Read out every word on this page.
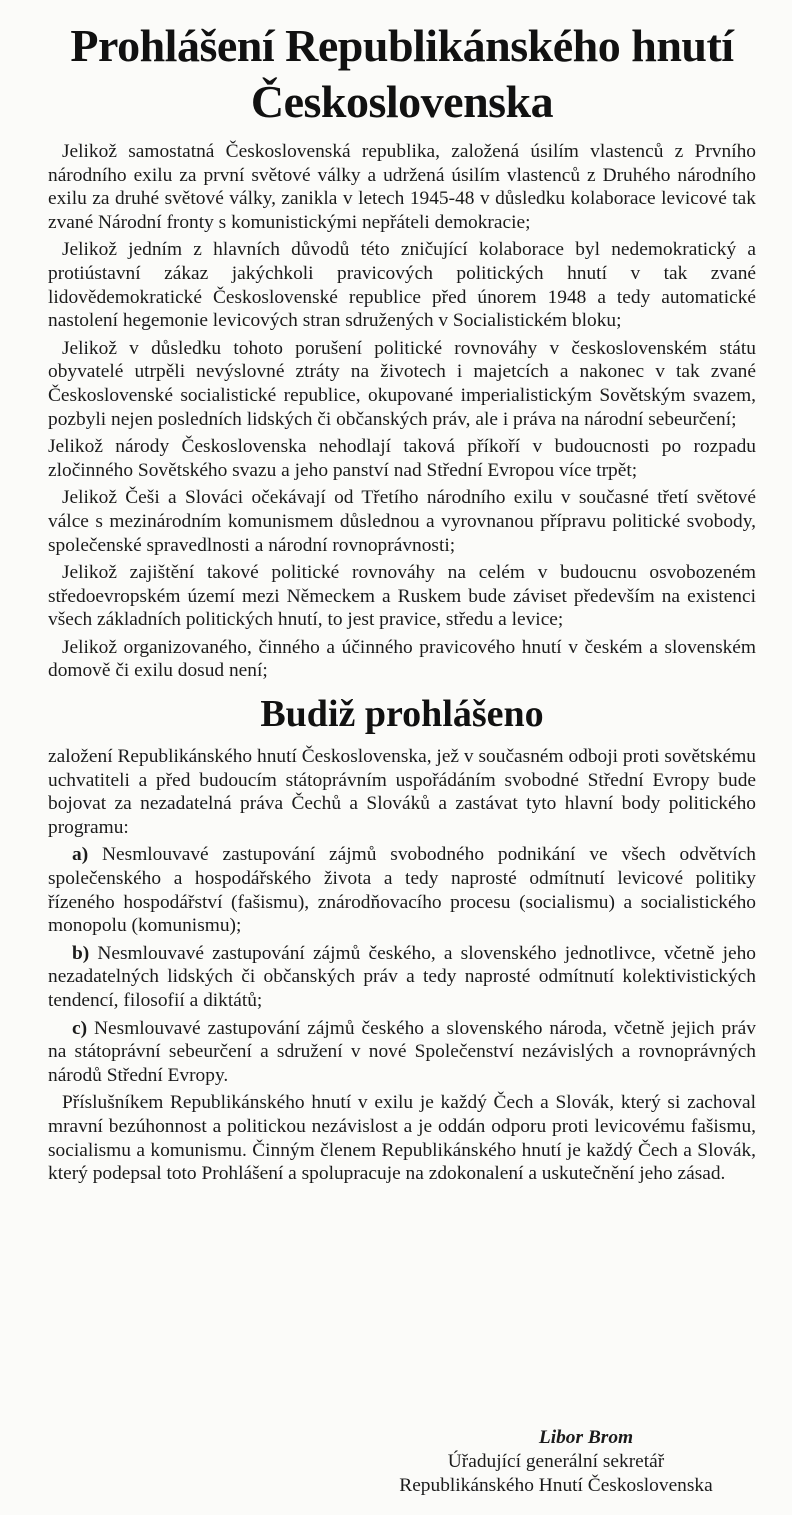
Prohlášení Republikánského hnutí
Československa

Jelikož samostatná Československá republika, založená úsilím vlastenců z Prvního národního exilu za první světové války a udržená úsilím vlastenců z Druhého národního exilu za druhé světové války, zanikla v letech 1945-48 v důsledku kolaborace levicové tak zvané Národní fronty s komunistickými nepřáteli demokracie;

Jelikož jedním z hlavních důvodů této zničující kolaborace byl nedemokratický a protiústavní zákaz jakýchkoli pravicových politických hnutí v tak zvané lidovědemokratické Československé republice před únorem 1948 a tedy automatické nastolení hegemonie levicových stran sdružených v Socialistickém bloku;

Jelikož v důsledku tohoto porušení politické rovnováhy v československém státu obyvatelé utrpěli nevýslovné ztráty na životech i majetcích a nakonec v tak zvané Československé socialistické republice, okupované imperialistickým Sovětským svazem, pozbyli nejen posledních lidských či občanských práv, ale i práva na národní sebeurčení;

Jelikož národy Československa nehodlají taková příkoří v budoucnosti po rozpadu zločinného Sovětského svazu a jeho panství nad Střední Evropou více trpět;

Jelikož Češi a Slováci očekávají od Třetího národního exilu v současné třetí světové válce s mezinárodním komunismem důslednou a vyrovnanou přípravu politické svobody, společenské spravedlnosti a národní rovnoprávnosti;

Jelikož zajištění takové politické rovnováhy na celém v budoucnu osvobozeném středoevropském území mezi Německem a Ruskem bude záviset především na existenci všech základních politických hnutí, to jest pravice, středu a levice;

Jelikož organizovaného, činného a účinného pravicového hnutí v českém a slovenském domově či exilu dosud není;

Budiž prohlášeno

založení Republikánského hnutí Československa, jež v současném odboji proti sovětskému uchvatiteli a před budoucím státoprávním uspořádáním svobodné Střední Evropy bude bojovat za nezadatelná práva Čechů a Slováků a zastávat tyto hlavní body politického programu:

a) Nesmlouvavé zastupování zájmů svobodného podnikání ve všech odvětvích společenského a hospodářského života a tedy naprosté odmítnutí levicové politiky řízeného hospodářství (fašismu), znárodňovacího procesu (socialismu) a socialistického monopolu (komunismu);

b) Nesmlouvavé zastupování zájmů českého, a slovenského jednotlivce, včetně jeho nezadatelných lidských či občanských práv a tedy naprosté odmítnutí kolektivistických tendencí, filosofií a diktátů;

c) Nesmlouvavé zastupování zájmů českého a slovenského národa, včetně jejich práv na státoprávní sebeurčení a sdružení v nové Společenství nezávislých a rovnoprávných národů Střední Evropy.

Příslušníkem Republikánského hnutí v exilu je každý Čech a Slovák, který si zachoval mravní bezúhonnost a politickou nezávislost a je oddán odporu proti levicovému fašismu, socialismu a komunismu. Činným členem Republikánského hnutí je každý Čech a Slovák, který podepsal toto Prohlášení a spolupracuje na zdokonalení a uskutečnění jeho zásad.

Libor Brom
Úřadující generální sekretář
Republikánského Hnutí Československa
